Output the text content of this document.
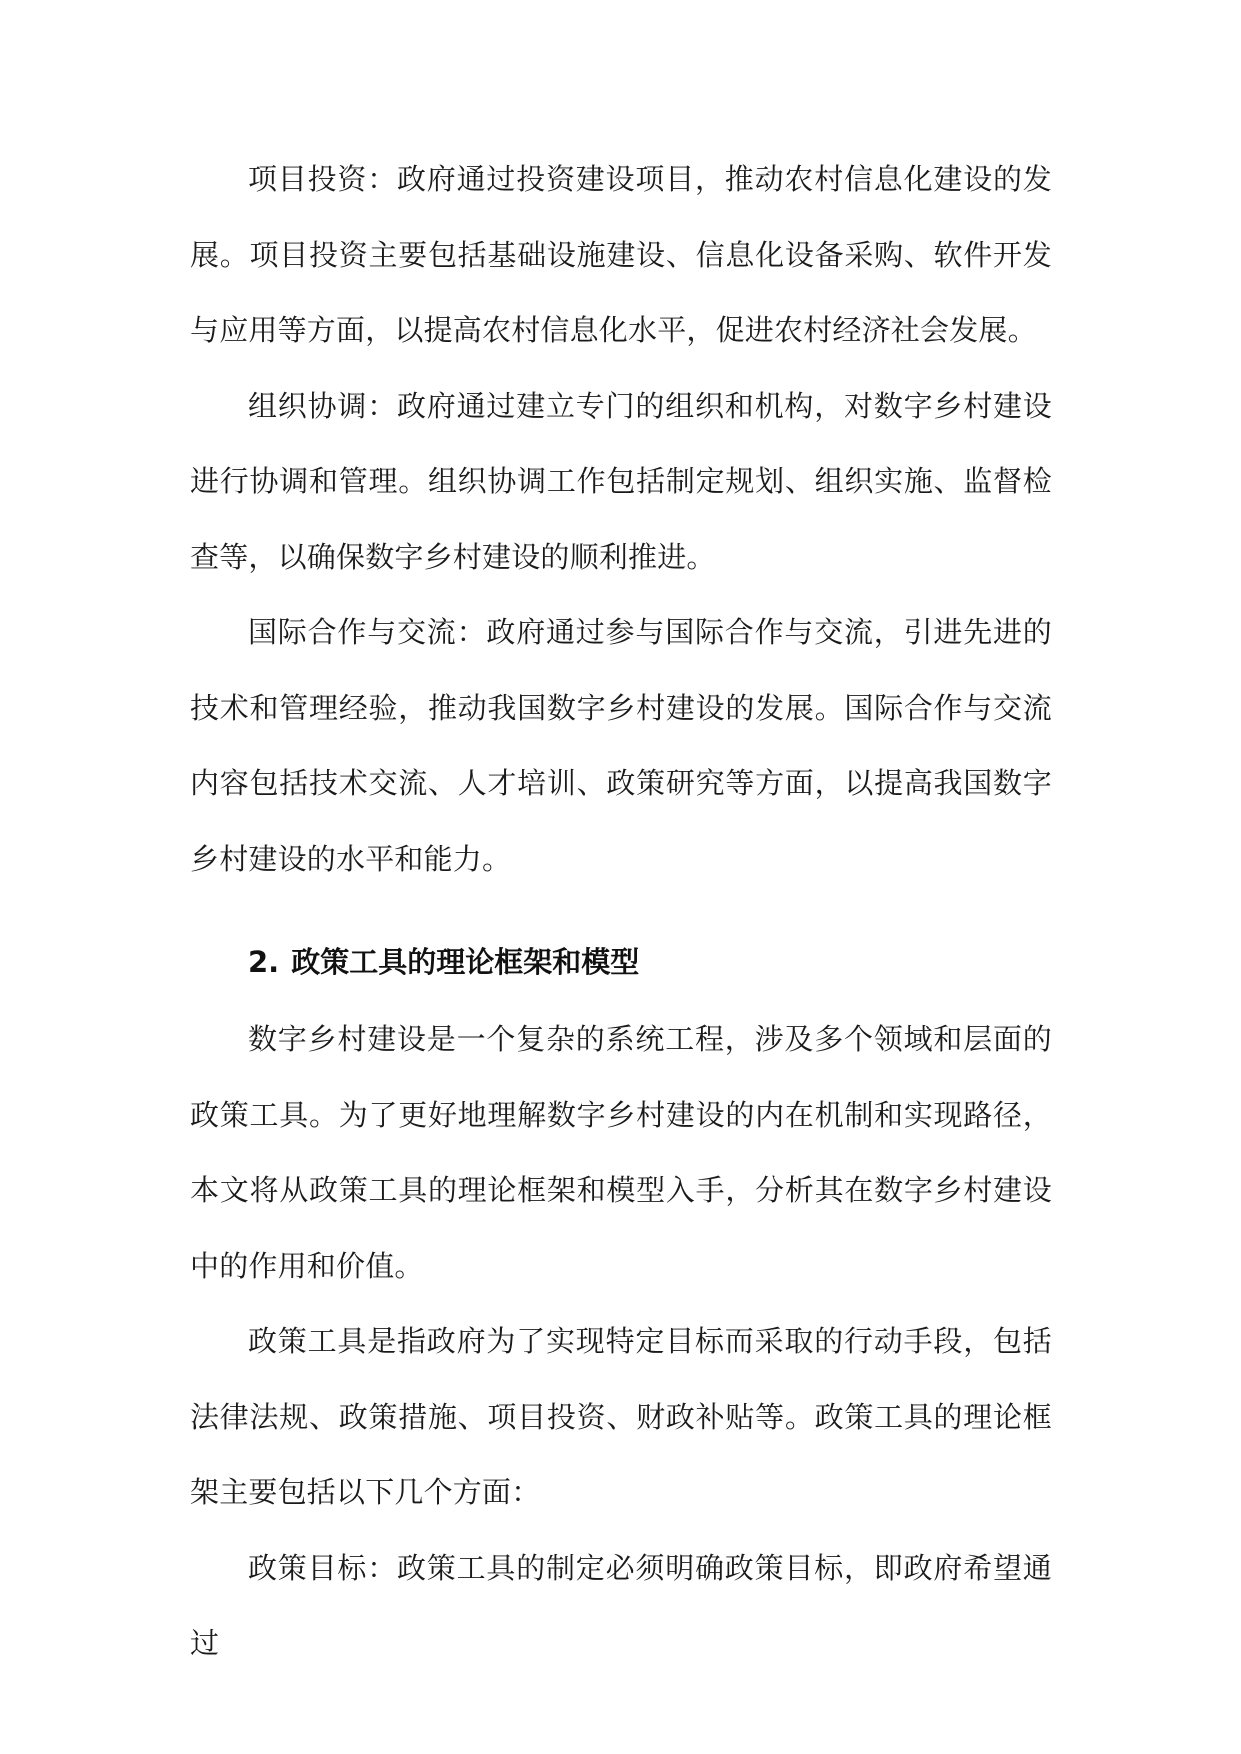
项目投资：政府通过投资建设项目，推动农村信息化建设的发展。项目投资主要包括基础设施建设、信息化设备采购、软件开发与应用等方面，以提高农村信息化水平，促进农村经济社会发展。

组织协调：政府通过建立专门的组织和机构，对数字乡村建设进行协调和管理。组织协调工作包括制定规划、组织实施、监督检查等，以确保数字乡村建设的顺利推进。

国际合作与交流：政府通过参与国际合作与交流，引进先进的技术和管理经验，推动我国数字乡村建设的发展。国际合作与交流内容包括技术交流、人才培训、政策研究等方面，以提高我国数字乡村建设的水平和能力。

2. 政策工具的理论框架和模型

数字乡村建设是一个复杂的系统工程，涉及多个领域和层面的政策工具。为了更好地理解数字乡村建设的内在机制和实现路径，本文将从政策工具的理论框架和模型入手，分析其在数字乡村建设中的作用和价值。

政策工具是指政府为了实现特定目标而采取的行动手段，包括法律法规、政策措施、项目投资、财政补贴等。政策工具的理论框架主要包括以下几个方面：

政策目标：政策工具的制定必须明确政策目标，即政府希望通过
